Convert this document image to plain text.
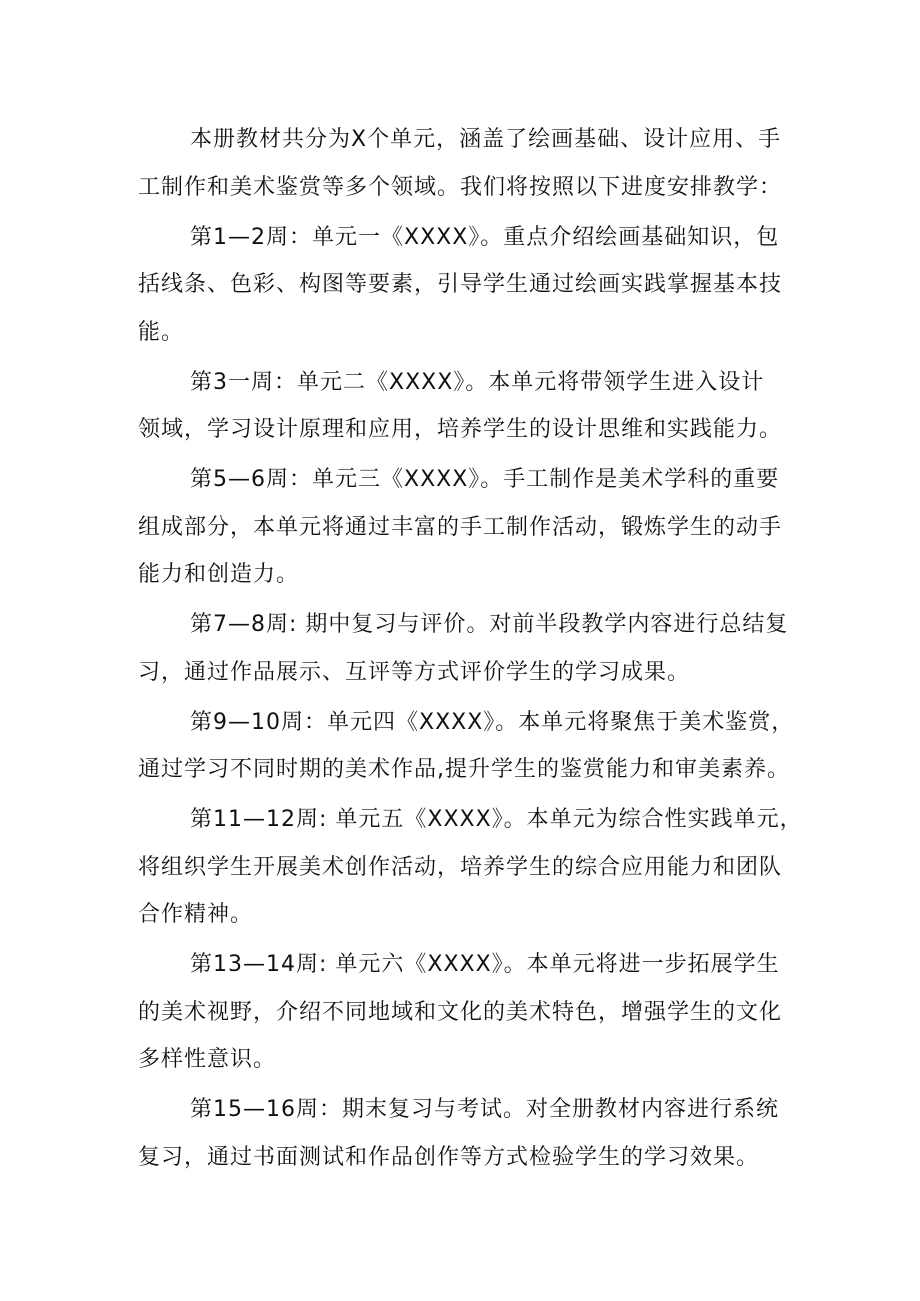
本册教材共分为X个单元，涵盖了绘画基础、设计应用、手
工制作和美术鉴赏等多个领域。我们将按照以下进度安排教学：
第1—2周：单元一《XXXX》。重点介绍绘画基础知识，包
括线条、色彩、构图等要素，引导学生通过绘画实践掌握基本技
能。
第3一周：单元二《XXXX》。本单元将带领学生进入设计
领域，学习设计原理和应用，培养学生的设计思维和实践能力。
第5—6周：单元三《XXXX》。手工制作是美术学科的重要
组成部分，本单元将通过丰富的手工制作活动，锻炼学生的动手
能力和创造力。
第7—8周: 期中复习与评价。对前半段教学内容进行总结复
习，通过作品展示、互评等方式评价学生的学习成果。
第9—10周：单元四《XXXX》。本单元将聚焦于美术鉴赏，
通过学习不同时期的美术作品,提升学生的鉴赏能力和审美素养。
第11—12周: 单元五《XXXX》。本单元为综合性实践单元，
将组织学生开展美术创作活动，培养学生的综合应用能力和团队
合作精神。
第13—14周: 单元六《XXXX》。本单元将进一步拓展学生
的美术视野，介绍不同地域和文化的美术特色，增强学生的文化
多样性意识。
第15—16周：期末复习与考试。对全册教材内容进行系统
复习，通过书面测试和作品创作等方式检验学生的学习效果。
